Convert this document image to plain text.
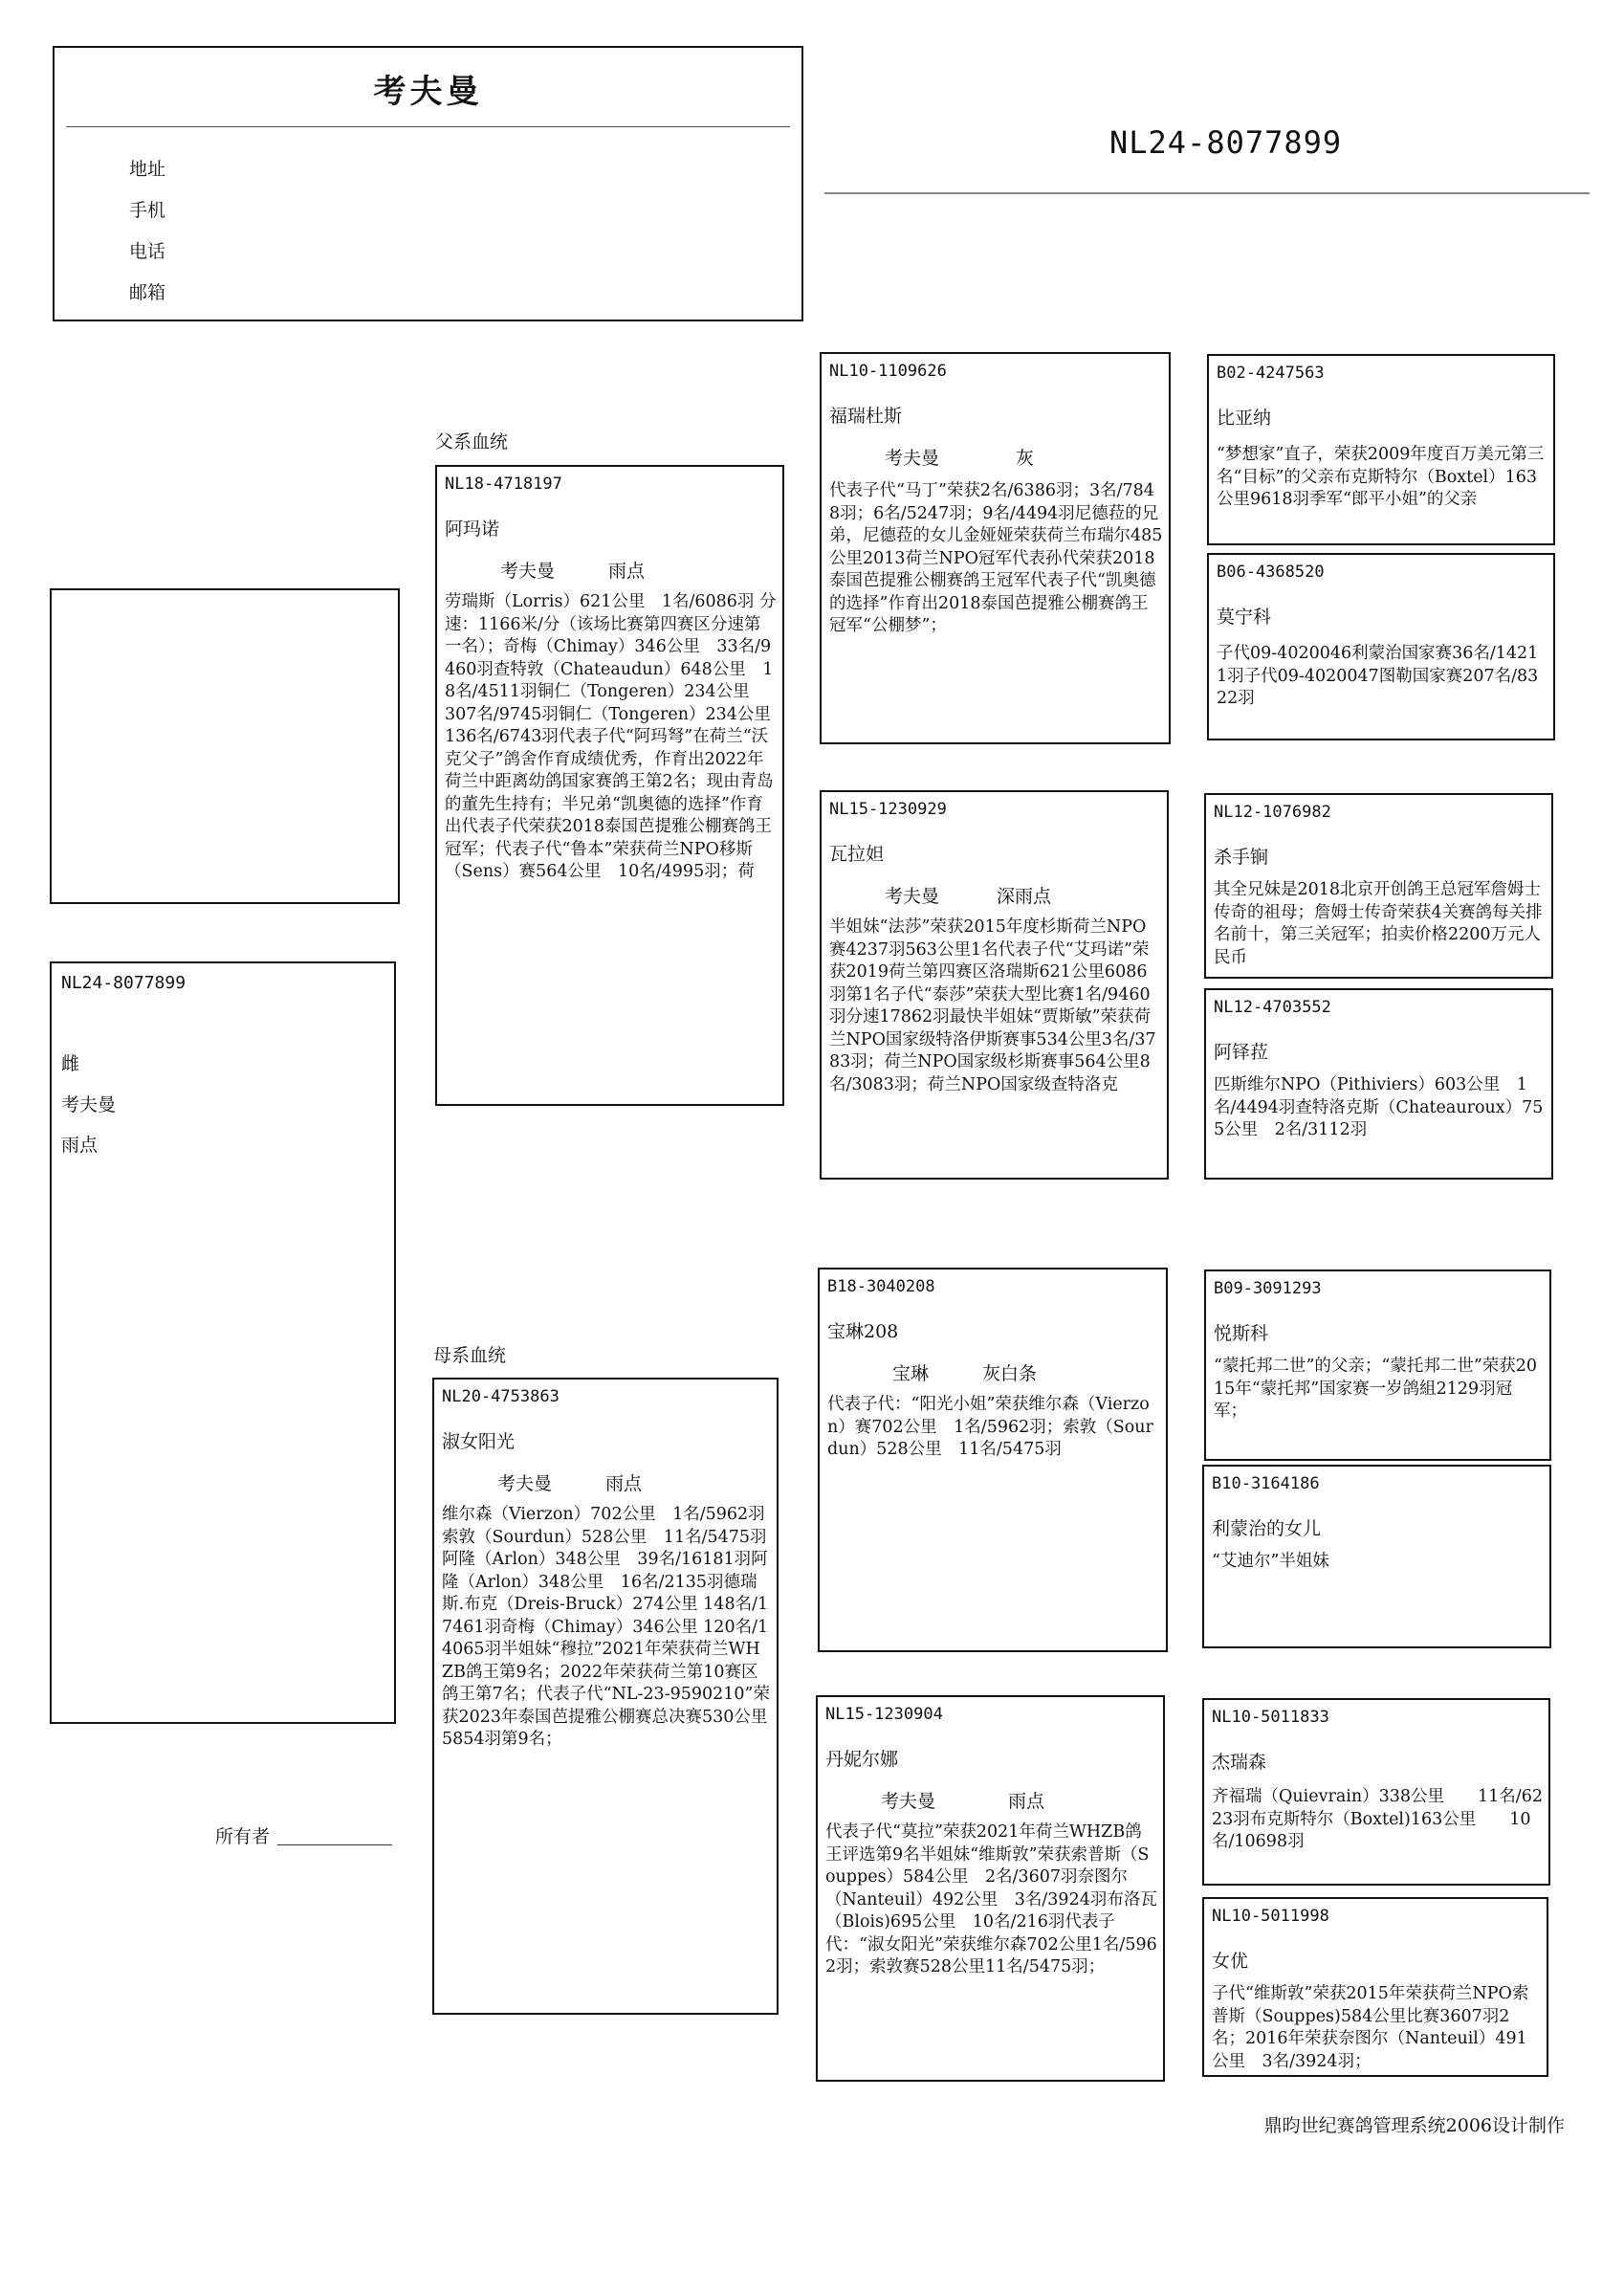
考夫曼
地址
手机
电话
邮箱
NL24-8077899
NL24-8077899
雌
考夫曼
雨点
所有者
父系血统
母系血统
NL18-4718197
阿玛诺
考夫曼	雨点
劳瑞斯（Lorris）621公里　1名/6086羽 分速：1166米/分（该场比赛第四赛区分速第一名）；奇梅（Chimay）346公里　33名/9460羽查特敦（Chateaudun）648公里　18名/4511羽铜仁（Tongeren）234公里　307名/9745羽铜仁（Tongeren）234公里　136名/6743羽代表子代“阿玛弩”在荷兰“沃克父子”鸽舍作育成绩优秀，作育出2022年荷兰中距离幼鸽国家赛鸽王第2名；现由青岛的董先生持有；半兄弟“凯奥德的选择”作育出代表子代荣获2018泰国芭提雅公棚赛鸽王冠军；代表子代“鲁本”荣获荷兰NPO移斯（Sens）赛564公里　10名/4995羽；荷
NL20-4753863
淑女阳光
考夫曼	雨点
维尔森（Vierzon）702公里　1名/5962羽索敦（Sourdun）528公里　11名/5475羽阿隆（Arlon）348公里　39名/16181羽阿隆（Arlon）348公里　16名/2135羽德瑞斯.布克（Dreis-Bruck）274公里 148名/17461羽奇梅（Chimay）346公里 120名/14065羽半姐妹“穆拉”2021年荣获荷兰WHZB鸽王第9名；2022年荣获荷兰第10赛区鸽王第7名；代表子代“NL-23-9590210”荣获2023年泰国芭提雅公棚赛总决赛530公里5854羽第9名；
NL10-1109626
福瑞杜斯
考夫曼	灰
代表子代“马丁”荣获2名/6386羽；3名/7848羽；6名/5247羽；9名/4494羽尼德菈的兄弟，尼德菈的女儿金娅娅荣获荷兰布瑞尔485公里2013荷兰NPO冠军代表孙代荣获2018泰国芭提雅公棚赛鸽王冠军代表子代“凯奥德的选择”作育出2018泰国芭提雅公棚赛鸽王冠军“公棚梦”；
NL15-1230929
瓦拉妲
考夫曼	深雨点
半姐妹“法莎”荣获2015年度杉斯荷兰NPO赛4237羽563公里1名代表子代“艾玛诺”荣获2019荷兰第四赛区洛瑞斯621公里6086羽第1名子代“泰莎”荣获大型比赛1名/9460羽分速17862羽最快半姐妹“贾斯敏”荣获荷兰NPO国家级特洛伊斯赛事534公里3名/3783羽；荷兰NPO国家级杉斯赛事564公里8名/3083羽；荷兰NPO国家级查特洛克
B18-3040208
宝琳208
宝琳	灰白条
代表子代：“阳光小姐”荣获维尔森（Vierzon）赛702公里　1名/5962羽；索敦（Sourdun）528公里　11名/5475羽
NL15-1230904
丹妮尔娜
考夫曼	雨点
代表子代“莫拉”荣获2021年荷兰WHZB鸽王评选第9名半姐妹“维斯敦”荣获索普斯（Souppes）584公里　2名/3607羽奈图尔（Nanteuil）492公里　3名/3924羽布洛瓦（Blois)695公里　10名/216羽代表子代：“淑女阳光”荣获维尔森702公里1名/5962羽；索敦赛528公里11名/5475羽；
B02-4247563
比亚纳
“梦想家”直子，荣获2009年度百万美元第三名“目标”的父亲布克斯特尔（Boxtel）163公里9618羽季军“郎平小姐”的父亲
B06-4368520
莫宁科
子代09-4020046利蒙治国家赛36名/14211羽子代09-4020047图勒国家赛207名/8322羽
NL12-1076982
杀手锏
其全兄妹是2018北京开创鸽王总冠军詹姆士传奇的祖母；詹姆士传奇荣获4关赛鸽每关排名前十，第三关冠军；拍卖价格2200万元人民币
NL12-4703552
阿铎菈
匹斯维尔NPO（Pithiviers）603公里　1名/4494羽查特洛克斯（Chateauroux）755公里　2名/3112羽
B09-3091293
悦斯科
“蒙托邦二世”的父亲；“蒙托邦二世”荣获2015年“蒙托邦”国家赛一岁鸽組2129羽冠军；
B10-3164186
利蒙治的女儿
“艾迪尔”半姐妹
NL10-5011833
杰瑞森
齐福瑞（Quievrain）338公里　　11名/6223羽布克斯特尔（Boxtel)163公里　　10名/10698羽
NL10-5011998
女优
子代“维斯敦”荣获2015年荣获荷兰NPO索普斯（Souppes)584公里比赛3607羽2名；2016年荣获奈图尔（Nanteuil）491公里　3名/3924羽；
鼎昀世纪赛鸽管理系统2006设计制作
